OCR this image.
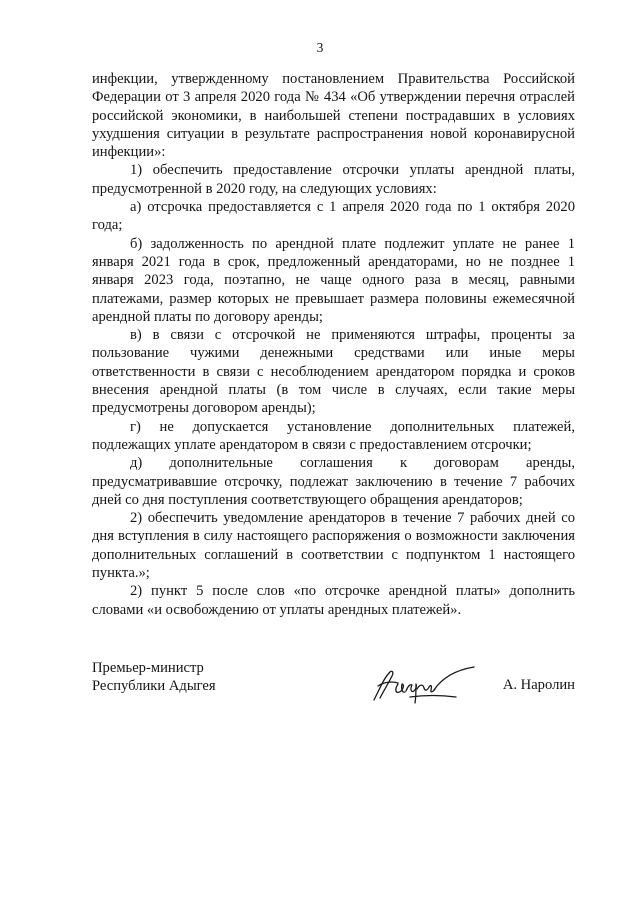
3

инфекции, утвержденному постановлением Правительства Российской Федерации от 3 апреля 2020 года № 434 «Об утверждении перечня отраслей российской экономики, в наибольшей степени пострадавших в условиях ухудшения ситуации в результате распространения новой коронавирусной инфекции»:

1) обеспечить предоставление отсрочки уплаты арендной платы, предусмотренной в 2020 году, на следующих условиях:

а) отсрочка предоставляется с 1 апреля 2020 года по 1 октября 2020 года;

б) задолженность по арендной плате подлежит уплате не ранее 1 января 2021 года в срок, предложенный арендаторами, но не позднее 1 января 2023 года, поэтапно, не чаще одного раза в месяц, равными платежами, размер которых не превышает размера половины ежемесячной арендной платы по договору аренды;

в) в связи с отсрочкой не применяются штрафы, проценты за пользование чужими денежными средствами или иные меры ответственности в связи с несоблюдением арендатором порядка и сроков внесения арендной платы (в том числе в случаях, если такие меры предусмотрены договором аренды);

г) не допускается установление дополнительных платежей, подлежащих уплате арендатором в связи с предоставлением отсрочки;

д) дополнительные соглашения к договорам аренды, предусматривавшие отсрочку, подлежат заключению в течение 7 рабочих дней со дня поступления соответствующего обращения арендаторов;

2) обеспечить уведомление арендаторов в течение 7 рабочих дней со дня вступления в силу настоящего распоряжения о возможности заключения дополнительных соглашений в соответствии с подпунктом 1 настоящего пункта.»;

2) пункт 5 после слов «по отсрочке арендной платы» дополнить словами «и освобождению от уплаты арендных платежей».

Премьер-министр
Республики Адыгея	А. Наролин
